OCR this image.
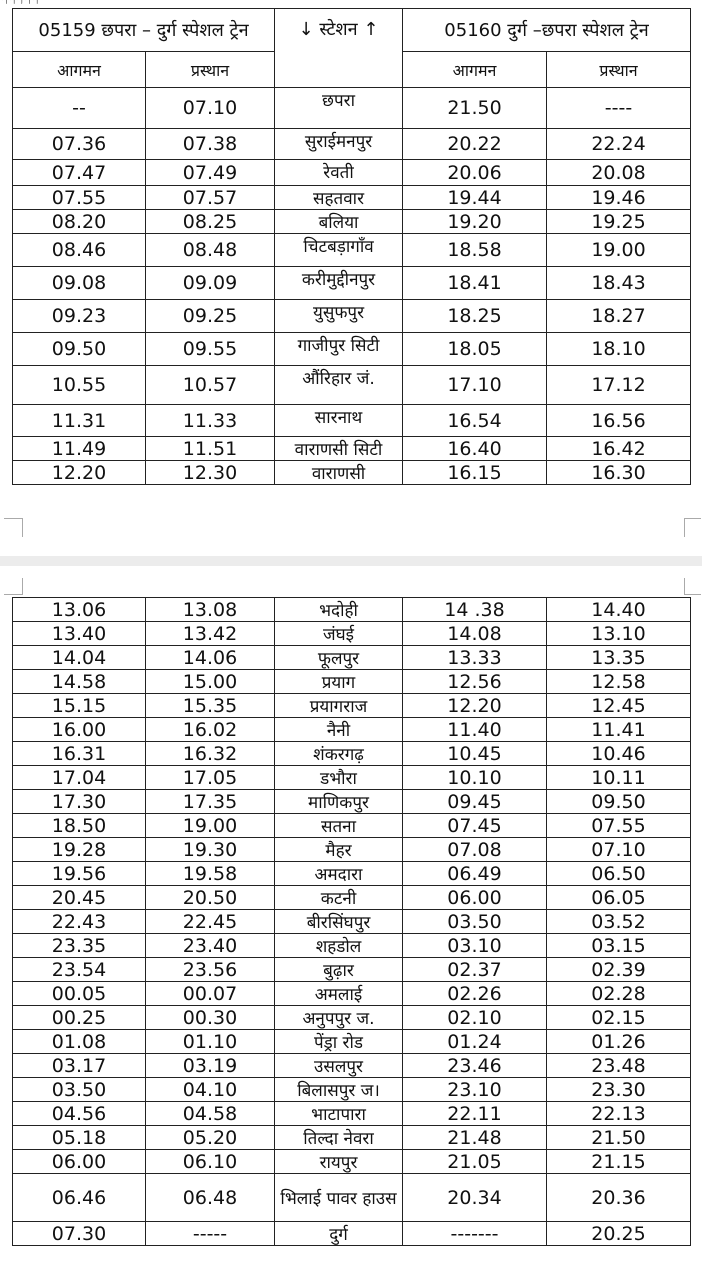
ㄱㄱㄱㄱㄱ
05159 छपरा – दुर्ग स्पेशल ट्रेन		↓ स्टेशन ↑	05160 दुर्ग –छपरा स्पेशल ट्रेन	
आगमन	प्रस्थान		आगमन	प्रस्थान
--	07.10	छपरा	21.50	----
07.36	07.38	सुराईमनपुर	20.22	22.24
07.47	07.49	रेवती	20.06	20.08
07.55	07.57	सहतवार	19.44	19.46
08.20	08.25	बलिया	19.20	19.25
08.46	08.48	चिटबड़ागाँव	18.58	19.00
09.08	09.09	करीमुद्दीनपुर	18.41	18.43
09.23	09.25	युसुफपुर	18.25	18.27
09.50	09.55	गाजीपुर सिटी	18.05	18.10
10.55	10.57	औंरिहार जं.	17.10	17.12
11.31	11.33	सारनाथ	16.54	16.56
11.49	11.51	वाराणसी सिटी	16.40	16.42
12.20	12.30	वाराणसी	16.15	16.30
13.06	13.08	भदोही	14 .38	14.40
13.40	13.42	जंघई	14.08	13.10
14.04	14.06	फूलपुर	13.33	13.35
14.58	15.00	प्रयाग	12.56	12.58
15.15	15.35	प्रयागराज	12.20	12.45
16.00	16.02	नैनी	11.40	11.41
16.31	16.32	शंकरगढ़	10.45	10.46
17.04	17.05	डभौरा	10.10	10.11
17.30	17.35	माणिकपुर	09.45	09.50
18.50	19.00	सतना	07.45	07.55
19.28	19.30	मैहर	07.08	07.10
19.56	19.58	अमदारा	06.49	06.50
20.45	20.50	कटनी	06.00	06.05
22.43	22.45	बीरसिंघपुर	03.50	03.52
23.35	23.40	शहडोल	03.10	03.15
23.54	23.56	बुढ़ार	02.37	02.39
00.05	00.07	अमलाई	02.26	02.28
00.25	00.30	अनुपपुर ज.	02.10	02.15
01.08	01.10	पेंड्रा रोड	01.24	01.26
03.17	03.19	उसलपुर	23.46	23.48
03.50	04.10	बिलासपुर ज।	23.10	23.30
04.56	04.58	भाटापारा	22.11	22.13
05.18	05.20	तिल्दा नेवरा	21.48	21.50
06.00	06.10	रायपुर	21.05	21.15
06.46	06.48	भिलाई पावर हाउस	20.34	20.36
07.30	-----	दुर्ग	-------	20.25
